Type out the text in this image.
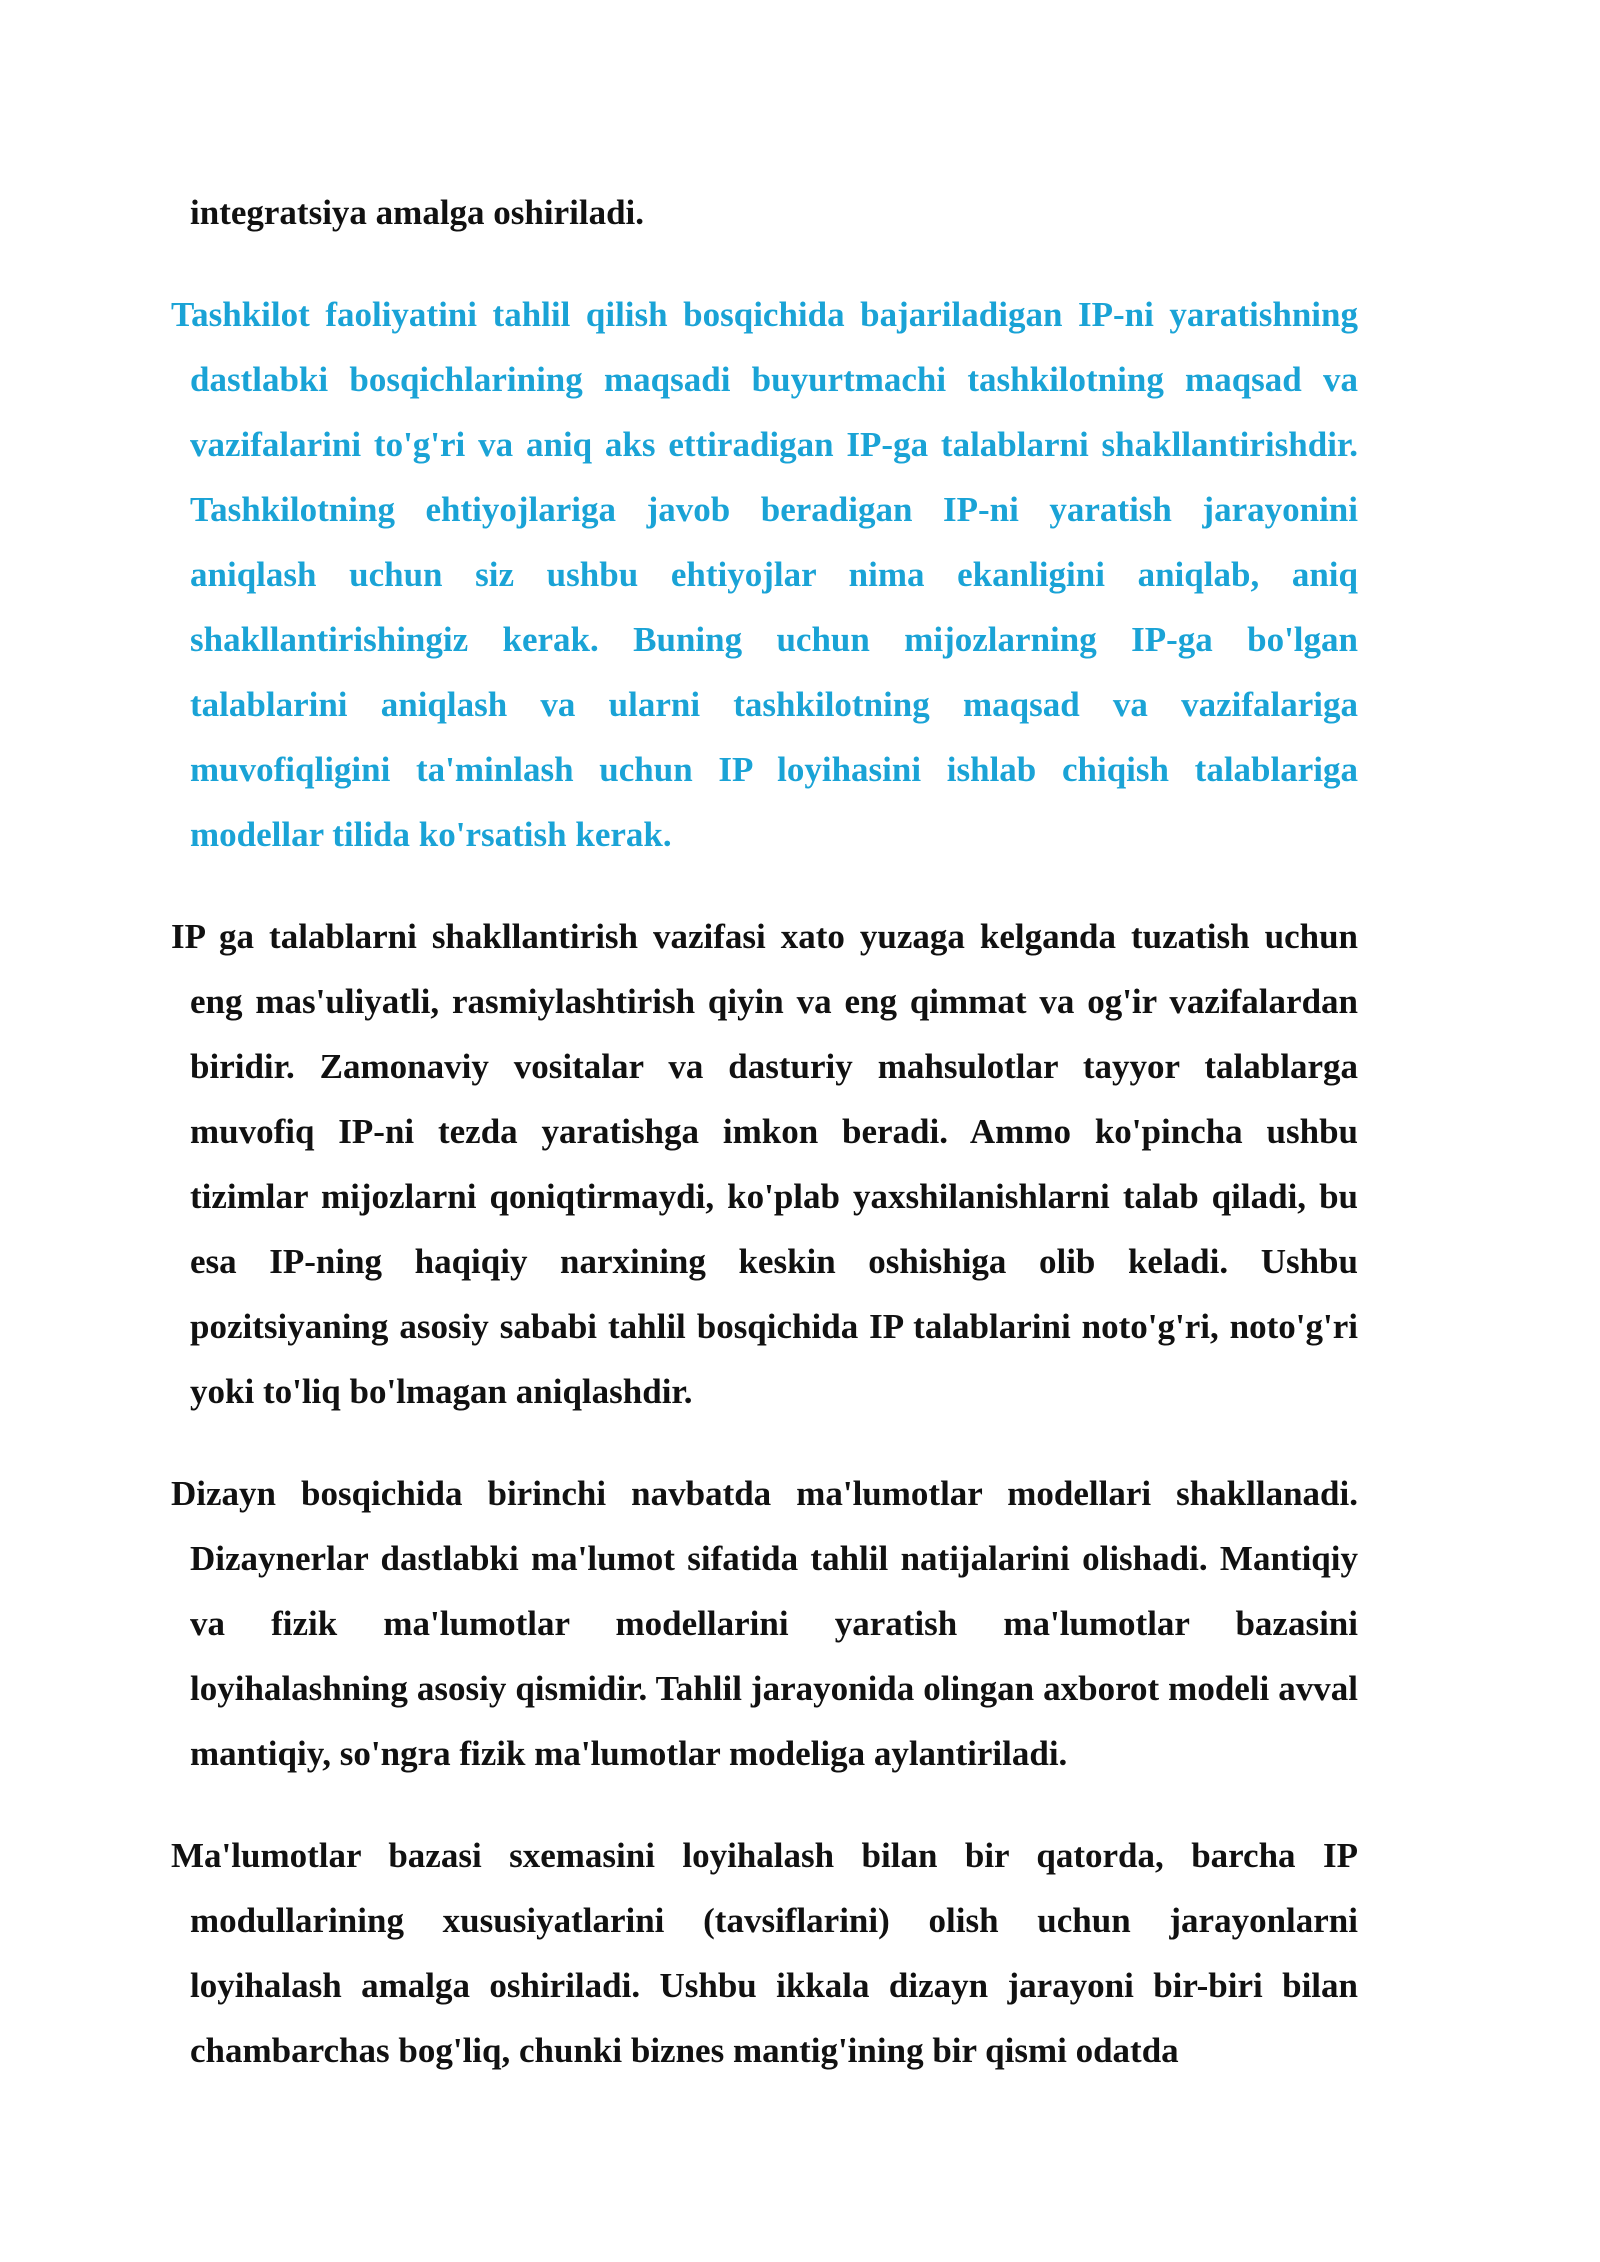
integratsiya amalga oshiriladi.

Tashkilot faoliyatini tahlil qilish bosqichida bajariladigan IP-ni yaratishning dastlabki bosqichlarining maqsadi buyurtmachi tashkilotning maqsad va vazifalarini to'g'ri va aniq aks ettiradigan IP-ga talablarni shakllantirishdir. Tashkilotning ehtiyojlariga javob beradigan IP-ni yaratish jarayonini aniqlash uchun siz ushbu ehtiyojlar nima ekanligini aniqlab, aniq shakllantirishingiz kerak. Buning uchun mijozlarning IP-ga bo'lgan talablarini aniqlash va ularni tashkilotning maqsad va vazifalariga muvofiqligini ta'minlash uchun IP loyihasini ishlab chiqish talablariga modellar tilida ko'rsatish kerak.

IP ga talablarni shakllantirish vazifasi xato yuzaga kelganda tuzatish uchun eng mas'uliyatli, rasmiylashtirish qiyin va eng qimmat va og'ir vazifalardan biridir. Zamonaviy vositalar va dasturiy mahsulotlar tayyor talablarga muvofiq IP-ni tezda yaratishga imkon beradi. Ammo ko'pincha ushbu tizimlar mijozlarni qoniqtirmaydi, ko'plab yaxshilanishlarni talab qiladi, bu esa IP-ning haqiqiy narxining keskin oshishiga olib keladi. Ushbu pozitsiyaning asosiy sababi tahlil bosqichida IP talablarini noto'g'ri, noto'g'ri yoki to'liq bo'lmagan aniqlashdir.

Dizayn bosqichida birinchi navbatda ma'lumotlar modellari shakllanadi. Dizaynerlar dastlabki ma'lumot sifatida tahlil natijalarini olishadi. Mantiqiy va fizik ma'lumotlar modellarini yaratish ma'lumotlar bazasini loyihalashning asosiy qismidir. Tahlil jarayonida olingan axborot modeli avval mantiqiy, so'ngra fizik ma'lumotlar modeliga aylantiriladi.

Ma'lumotlar bazasi sxemasini loyihalash bilan bir qatorda, barcha IP modullarining xususiyatlarini (tavsiflarini) olish uchun jarayonlarni loyihalash amalga oshiriladi. Ushbu ikkala dizayn jarayoni bir-biri bilan chambarchas bog'liq, chunki biznes mantig'ining bir qismi odatda
